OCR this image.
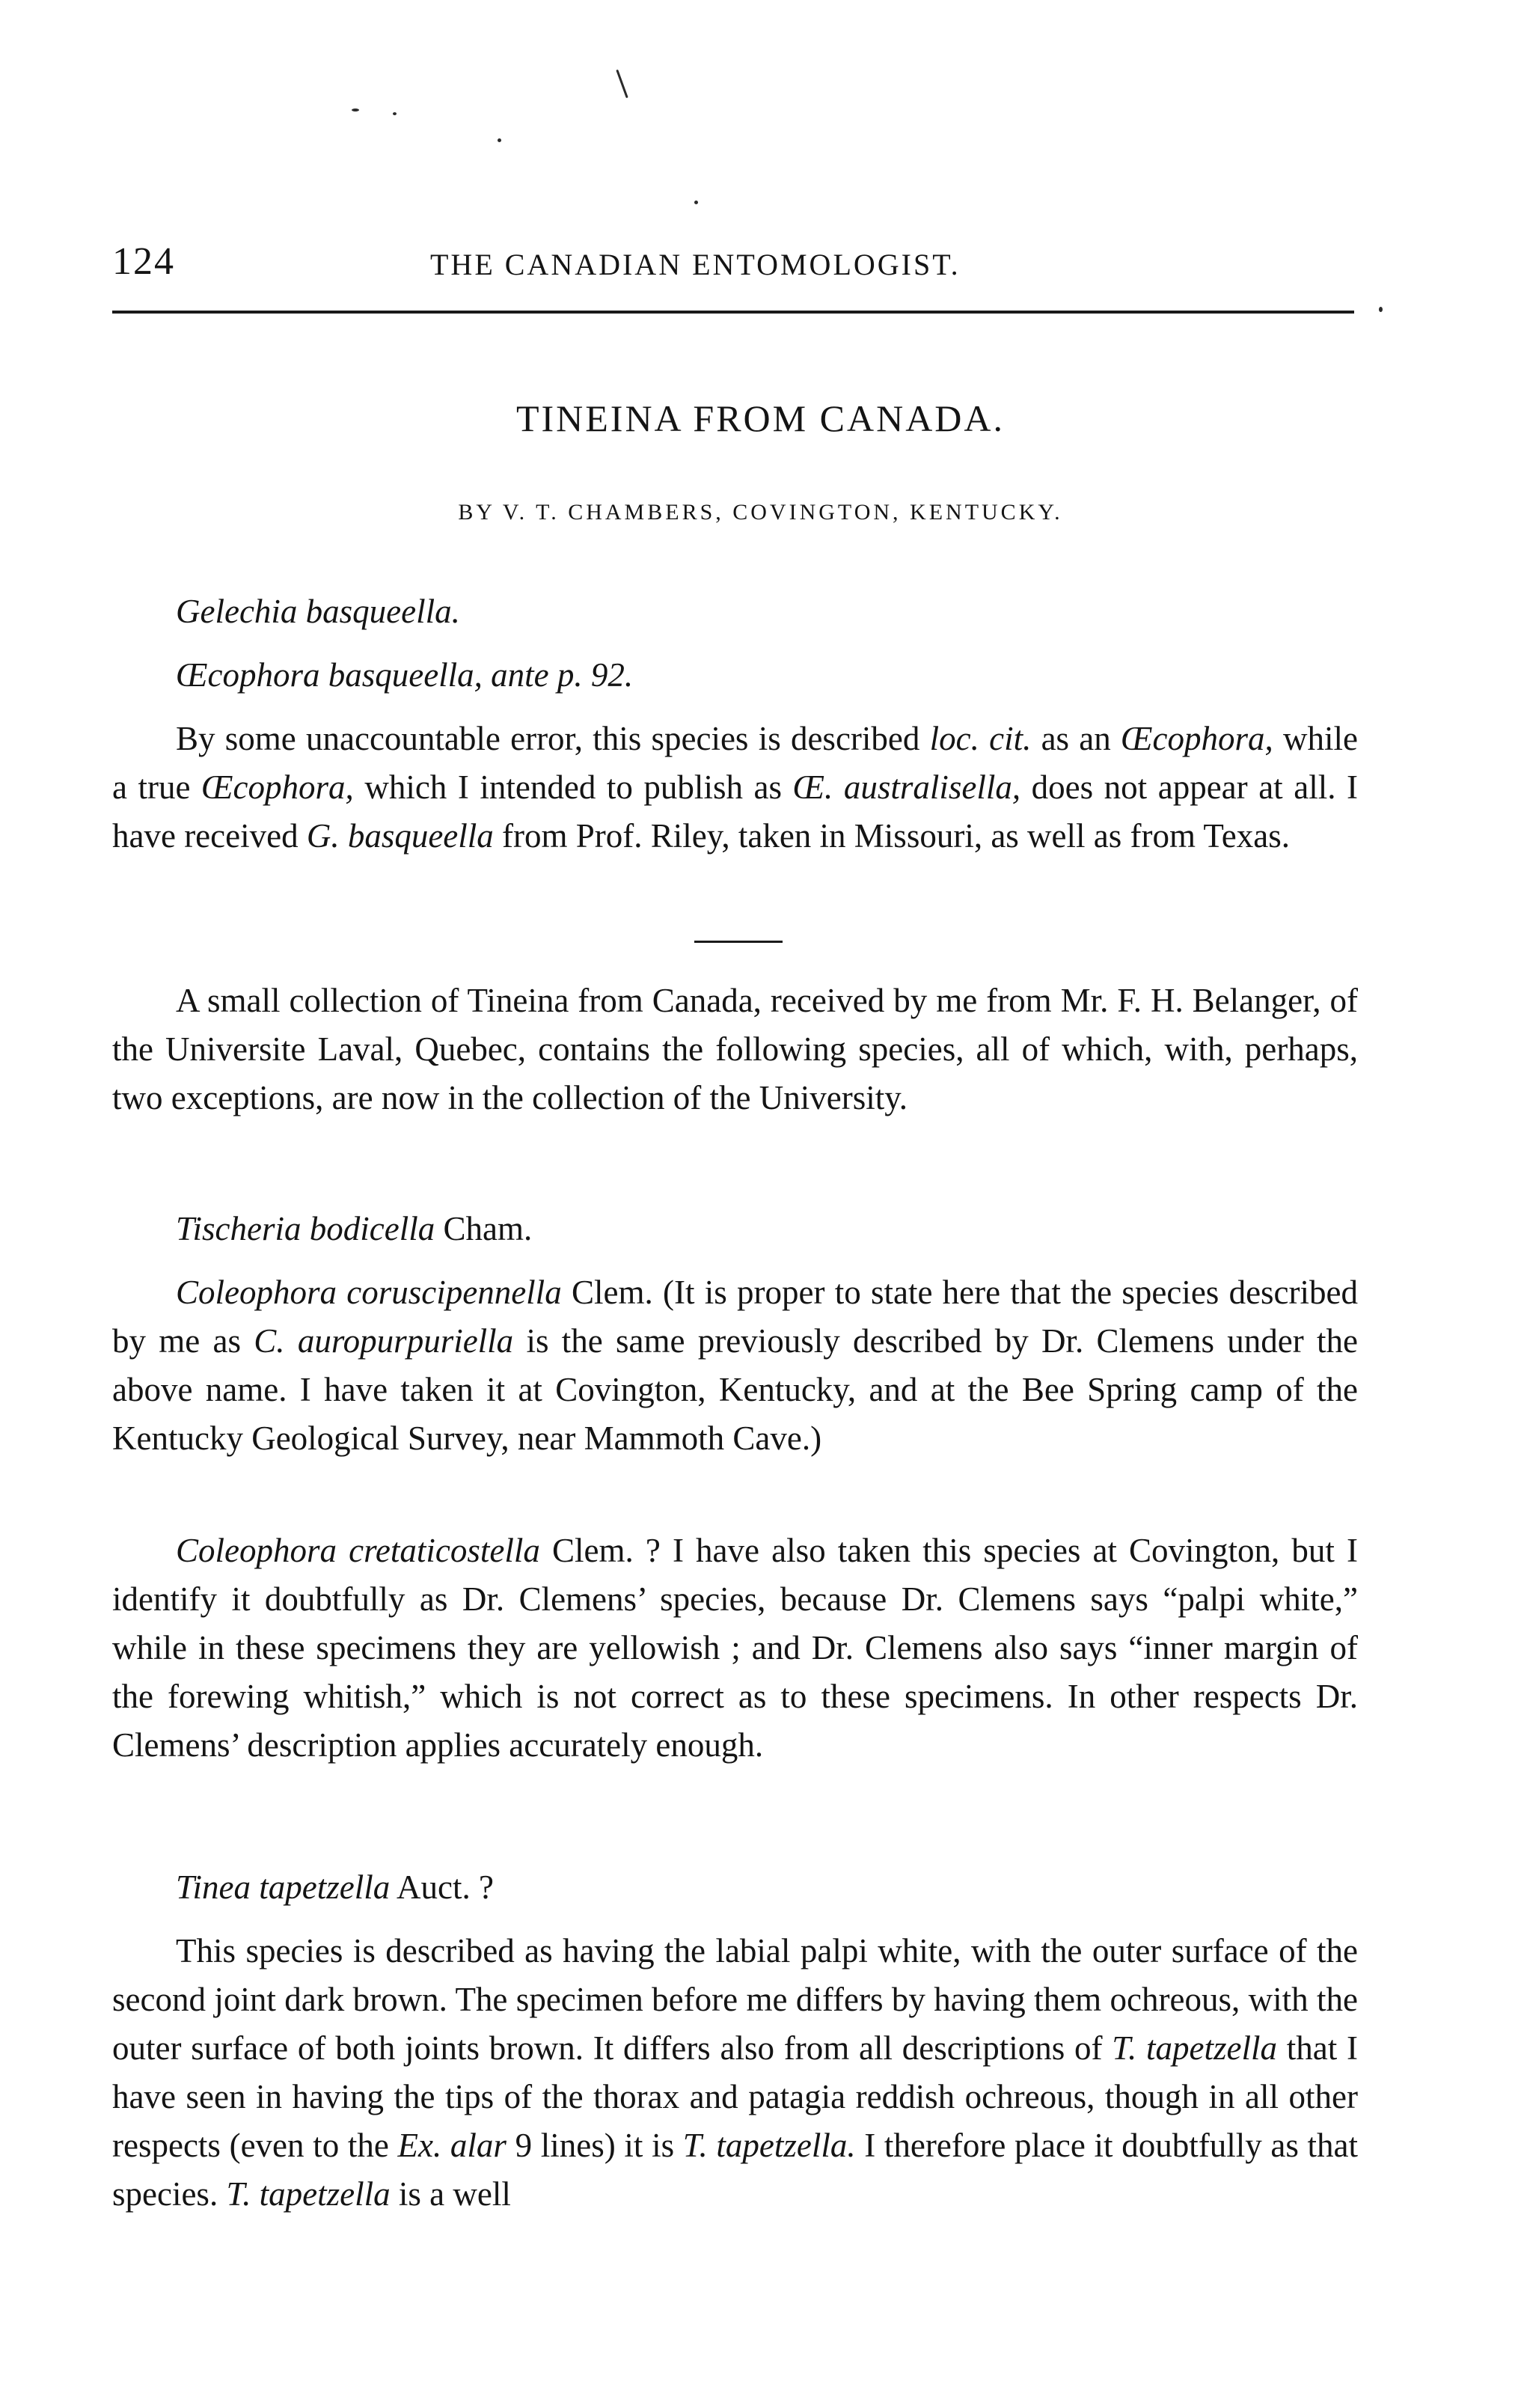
124	THE CANADIAN ENTOMOLOGIST.
TINEINA FROM CANADA.
BY V. T. CHAMBERS, COVINGTON, KENTUCKY.
Gelechia basqueella.
Œcophora basqueella, ante p. 92.

By some unaccountable error, this species is described loc. cit. as an Œcophora, while a true Œcophora, which I intended to publish as Œ. australisella, does not appear at all. I have received G. basqueella from Prof. Riley, taken in Missouri, as well as from Texas.

A small collection of Tineina from Canada, received by me from Mr. F. H. Belanger, of the Universite Laval, Quebec, contains the following species, all of which, with, perhaps, two exceptions, are now in the collection of the University.

Tischeria bodicella Cham.

Coleophora coruscipennella Clem. (It is proper to state here that the species described by me as C. auropurpuriella is the same previously described by Dr. Clemens under the above name. I have taken it at Covington, Kentucky, and at the Bee Spring camp of the Kentucky Geological Survey, near Mammoth Cave.)

Coleophora cretaticostella Clem. ? I have also taken this species at Covington, but I identify it doubtfully as Dr. Clemens’ species, because Dr. Clemens says “palpi white,” while in these specimens they are yellowish ; and Dr. Clemens also says “inner margin of the forewing whitish,” which is not correct as to these specimens. In other respects Dr. Clemens’ description applies accurately enough.

Tinea tapetzella Auct. ?

This species is described as having the labial palpi white, with the outer surface of the second joint dark brown. The specimen before me differs by having them ochreous, with the outer surface of both joints brown. It differs also from all descriptions of T. tapetzella that I have seen in having the tips of the thorax and patagia reddish ochreous, though in all other respects (even to the Ex. alar 9 lines) it is T. tapetzella. I therefore place it doubtfully as that species. T. tapetzella is a well
